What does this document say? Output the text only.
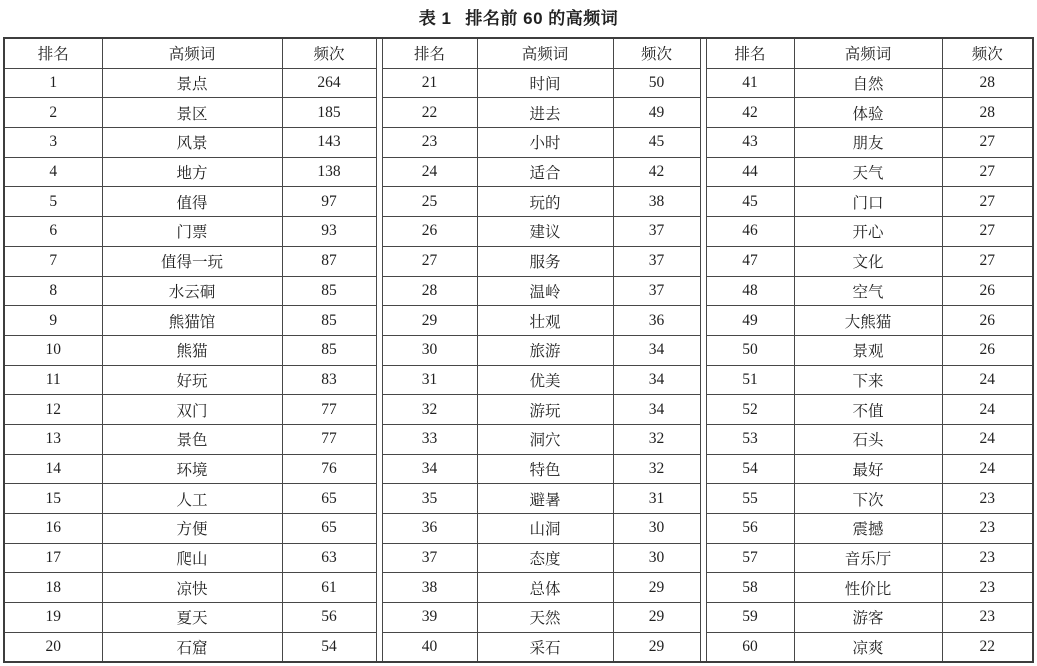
表 1 排名前 60 的高频词
排名	高频词	频次
1	景点	264
2	景区	185
3	风景	143
4	地方	138
5	值得	97
6	门票	93
7	值得一玩	87
8	水云硐	85
9	熊猫馆	85
10	熊猫	85
11	好玩	83
12	双门	77
13	景色	77
14	环境	76
15	人工	65
16	方便	65
17	爬山	63
18	凉快	61
19	夏天	56
20	石窟	54
排名	高频词	频次
21	时间	50
22	进去	49
23	小时	45
24	适合	42
25	玩的	38
26	建议	37
27	服务	37
28	温岭	37
29	壮观	36
30	旅游	34
31	优美	34
32	游玩	34
33	洞穴	32
34	特色	32
35	避暑	31
36	山洞	30
37	态度	30
38	总体	29
39	天然	29
40	采石	29
排名	高频词	频次
41	自然	28
42	体验	28
43	朋友	27
44	天气	27
45	门口	27
46	开心	27
47	文化	27
48	空气	26
49	大熊猫	26
50	景观	26
51	下来	24
52	不值	24
53	石头	24
54	最好	24
55	下次	23
56	震撼	23
57	音乐厅	23
58	性价比	23
59	游客	23
60	凉爽	22
